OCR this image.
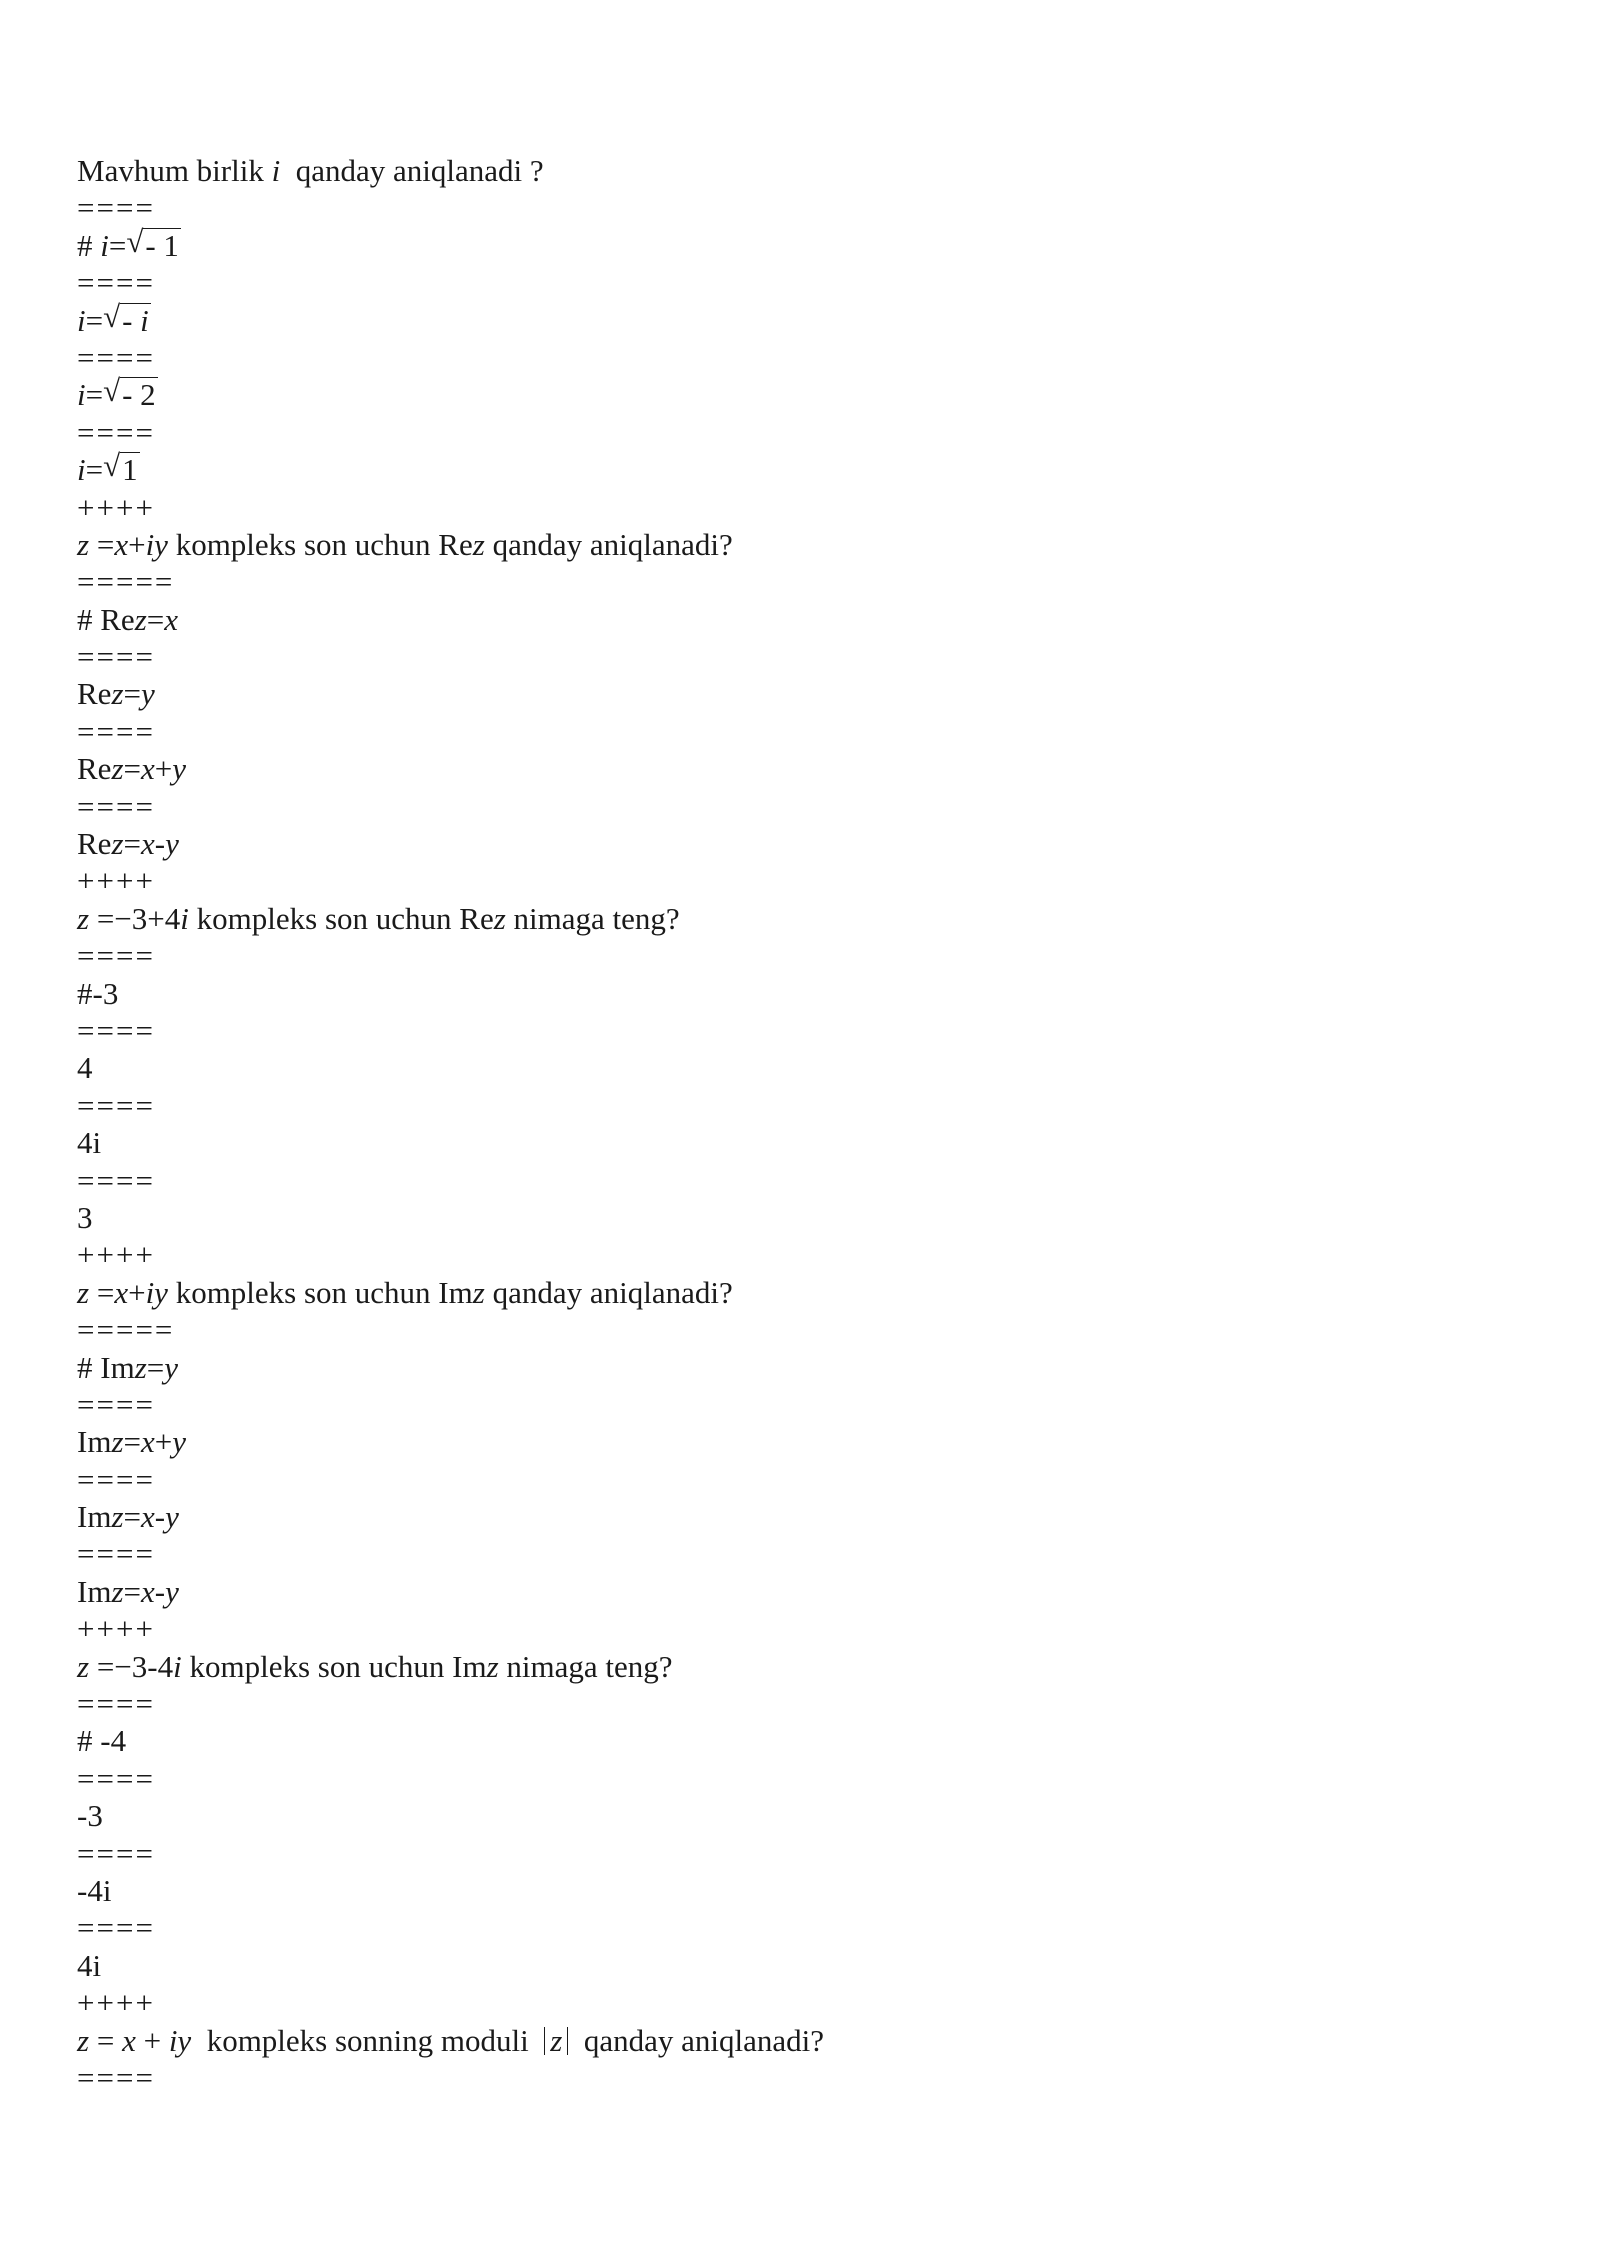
Mavhum birlik i  qanday aniqlanadi ?
====
# i= √ - 1
====
i= √ - i
====
i= √ - 2
====
i= √ 1
++++
z =x+iy kompleks son uchun Rez qanday aniqlanadi?
=====
# Rez=x
====
Rez=y
====
Rez=x+y
====
Rez=x-y
++++
z =−3+4i kompleks son uchun Rez nimaga teng?
====
#-3
====
4
====
4i
====
3
++++
z =x+iy kompleks son uchun Imz qanday aniqlanadi?
=====
# Imz=y
====
Imz=x+y
====
Imz=x-y
====
Imz=x-y
++++
z =−3-4i kompleks son uchun Imz nimaga teng?
====
# -4
====
-3
====
-4i
====
4i
++++
z = x + iy  kompleks sonning moduli  z  qanday aniqlanadi?
====
